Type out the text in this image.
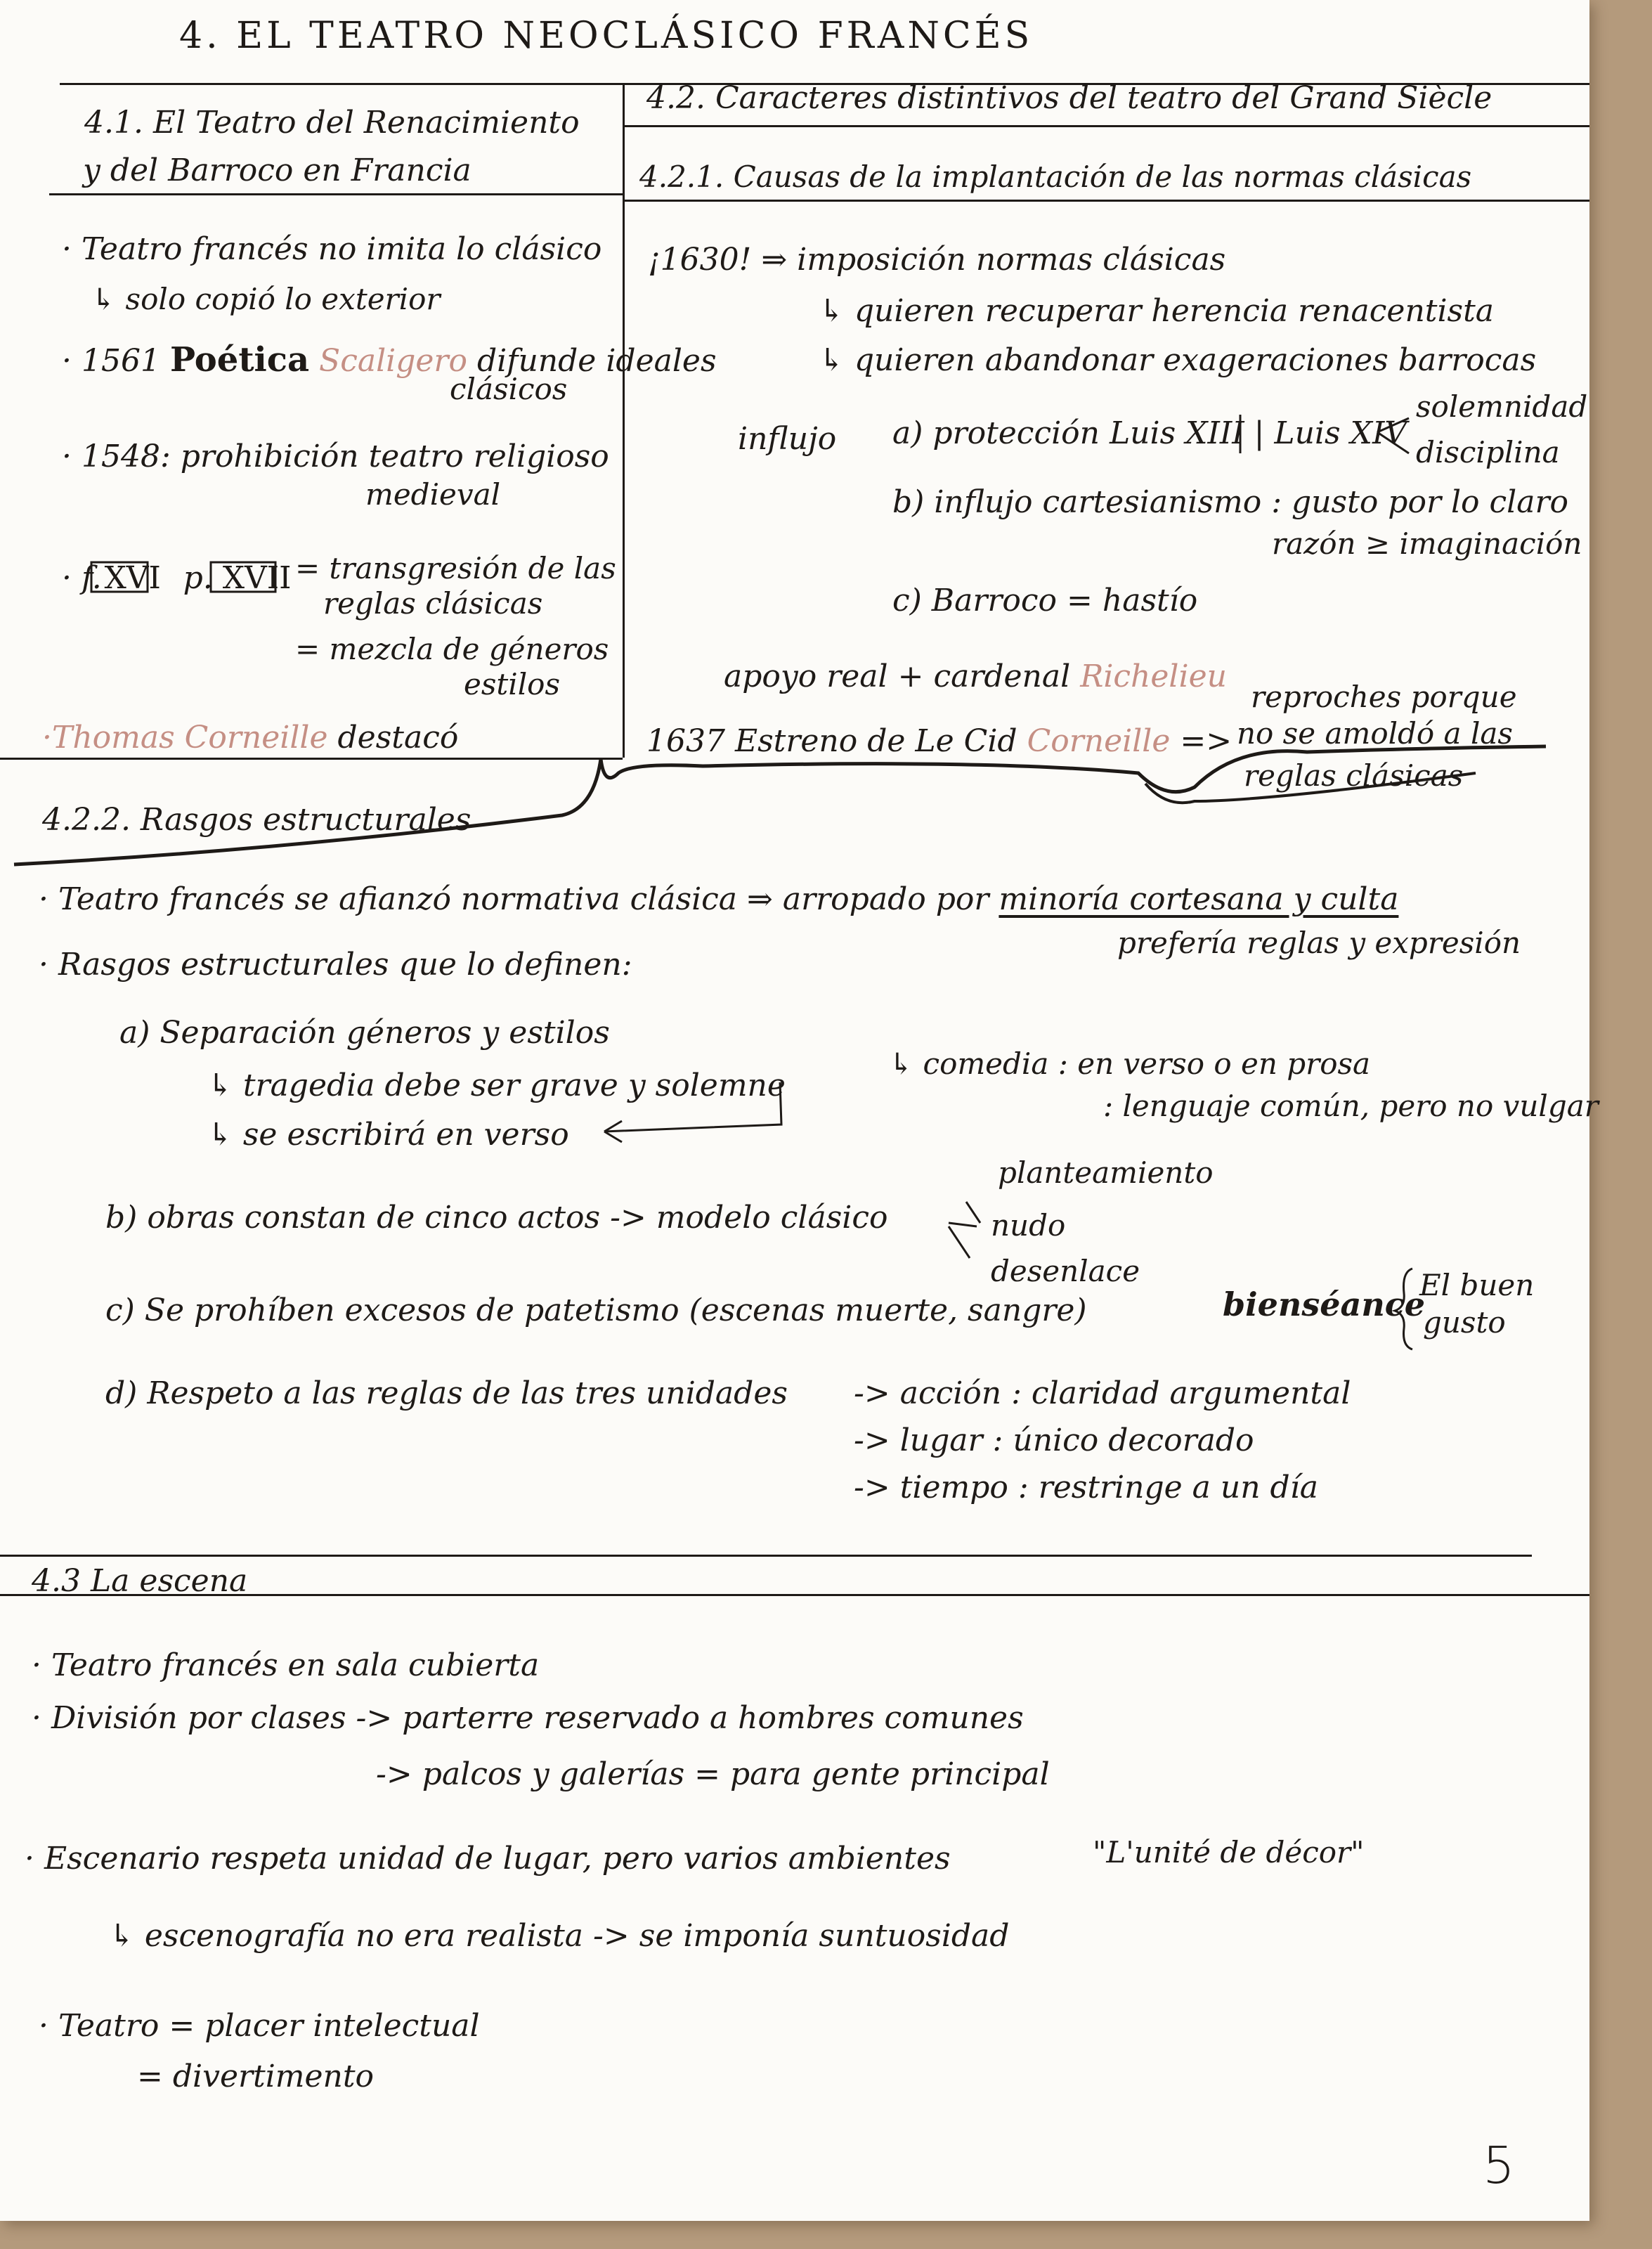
4. EL TEATRO NEOCLÁSICO FRANCÉS
4.1. El Teatro del Renacimiento
y del Barroco en Francia
· Teatro francés no imita lo clásico
↳ solo copió lo exterior
· 1561 Poética Scaligero difunde ideales
clásicos
· 1548: prohibición teatro religioso
medieval
· f.XVI p. XVII = transgresión de las
reglas clásicas
= mezcla de géneros
estilos
·Thomas Corneille destacó
4.2. Caracteres distintivos del teatro del Grand Siècle
4.2.1. Causas de la implantación de las normas clásicas
¡1630! ⇒ imposición normas clásicas
↳ quieren recuperar herencia renacentista
↳ quieren abandonar exageraciones barrocas
influjo a) protección Luis XIII | Luis XIV
solemnidad
disciplina
b) influjo cartesianismo : gusto por lo claro
razón ≥ imaginación
c) Barroco = hastío
apoyo real + cardenal Richelieu
1637 Estreno de Le Cid Corneille =>
reproches porque
no se amoldó a las
reglas clásicas
4.2.2. Rasgos estructurales
· Teatro francés se afianzó normativa clásica ⇒ arropado por minoría cortesana y culta
prefería reglas y expresión
· Rasgos estructurales que lo definen:
a) Separación géneros y estilos
↳ tragedia debe ser grave y solemne
↳ se escribirá en verso
↳ comedia : en verso o en prosa
: lenguaje común, pero no vulgar
b) obras constan de cinco actos -> modelo clásico
planteamiento
nudo
desenlace
c) Se prohíben excesos de patetismo (escenas muerte, sangre)	bienséance
El buen
gusto
d) Respeto a las reglas de las tres unidades -> acción : claridad argumental
-> lugar : único decorado
-> tiempo : restringe a un día
4.3 La escena
· Teatro francés en sala cubierta
· División por clases -> parterre reservado a hombres comunes
-> palcos y galerías = para gente principal
· Escenario respeta unidad de lugar, pero varios ambientes	"L'unité de décor"
↳ escenografía no era realista -> se imponía suntuosidad
· Teatro = placer intelectual
= divertimento
5
